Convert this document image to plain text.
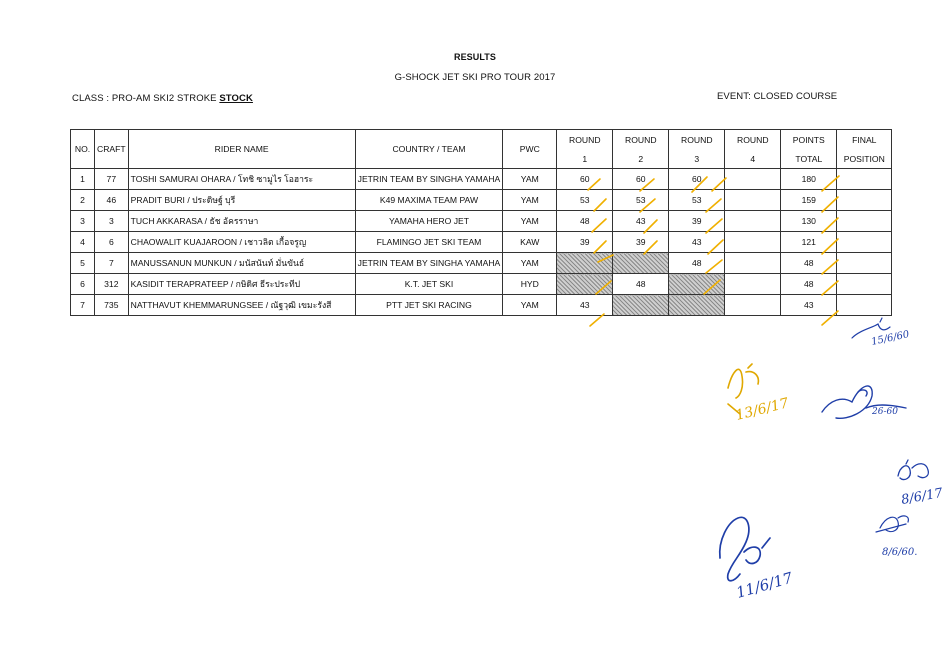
RESULTS
G-SHOCK JET SKI PRO TOUR 2017
CLASS : PRO-AM SKI2 STROKE STOCK	EVENT: CLOSED COURSE
NO.	CRAFT	RIDER NAME	COUNTRY / TEAM	PWC	ROUND	ROUND	ROUND	ROUND	POINTS	FINAL
					1	2	3	4	TOTAL	POSITION
1	77	TOSHI SAMURAI OHARA / โทชิ ซามูไร โอฮาระ	JETRIN TEAM BY SINGHA YAMAHA	YAM	60	60	60		180	
2	46	PRADIT BURI / ประดิษฐ์ บุรี	K49 MAXIMA TEAM PAW	YAM	53	53	53		159	
3	3	TUCH AKKARASA / ธัช อัครราษา	YAMAHA HERO JET	YAM	48	43	39		130	
4	6	CHAOWALIT KUAJAROON / เชาวลิต เกื้อจรูญ	FLAMINGO JET SKI TEAM	KAW	39	39	43		121	
5	7	MANUSSANUN MUNKUN / มนัสนันท์ มั่นขันธ์	JETRIN TEAM BY SINGHA YAMAHA	YAM			48		48	
6	312	KASIDIT TERAPRATEEP / กษิดิศ ธีระประทีป	K.T. JET SKI	HYD		48			48	
7	735	NATTHAVUT KHEMMARUNGSEE / ณัฐวุฒิ เขมะรังสี	PTT JET SKI RACING	YAM	43				43	
15/6/60
13/6/17	26-60
8/6/17
8/6/60.
11/6/17
